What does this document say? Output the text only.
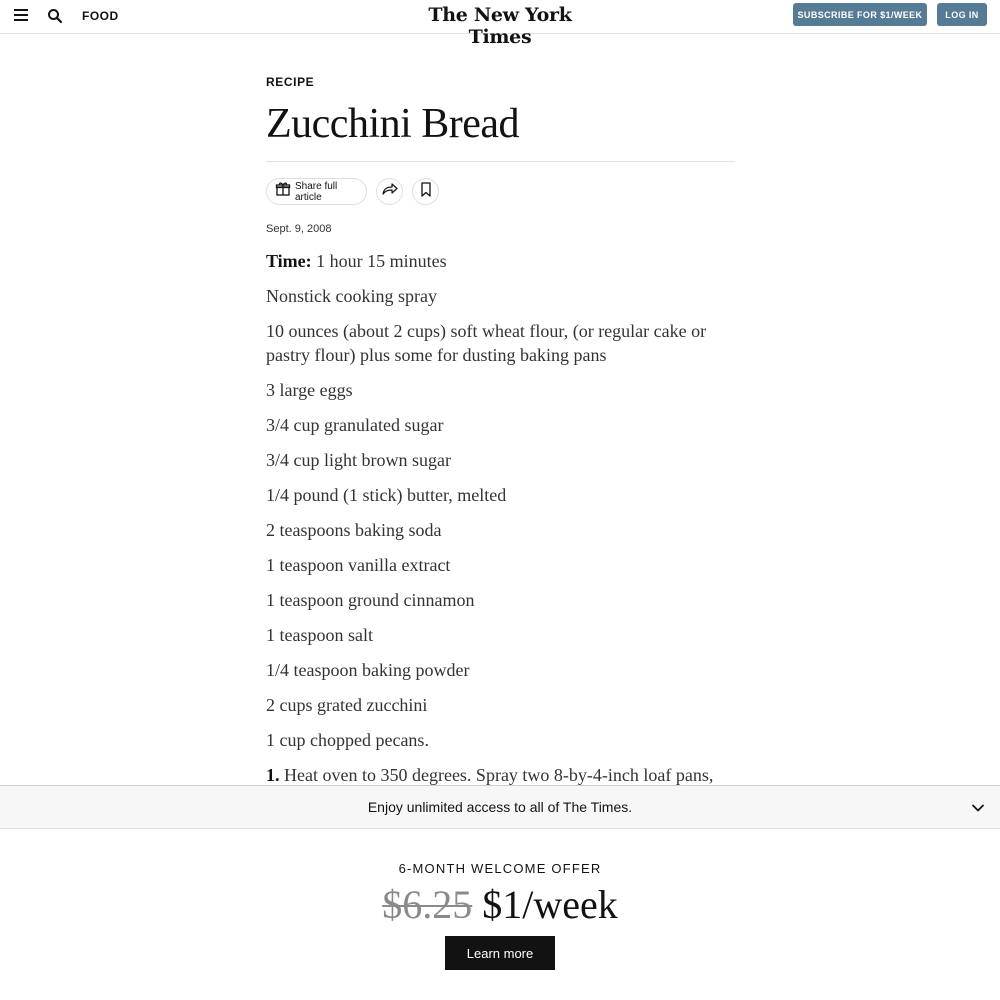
FOOD	The New York Times
SUBSCRIBE FOR $1/WEEK	LOG IN
RECIPE
Zucchini Bread
Share full article
Sept. 9, 2008

Time: 1 hour 15 minutes

Nonstick cooking spray

10 ounces (about 2 cups) soft wheat flour, (or regular cake or pastry flour) plus some for dusting baking pans

3 large eggs

3/4 cup granulated sugar

3/4 cup light brown sugar

1/4 pound (1 stick) butter, melted

2 teaspoons baking soda

1 teaspoon vanilla extract

1 teaspoon ground cinnamon

1 teaspoon salt

1/4 teaspoon baking powder

2 cups grated zucchini

1 cup chopped pecans.

1. Heat oven to 350 degrees. Spray two 8-by-4-inch loaf pans,

Enjoy unlimited access to all of The Times.
6-MONTH WELCOME OFFER
$6.25 $1/week
Learn more
